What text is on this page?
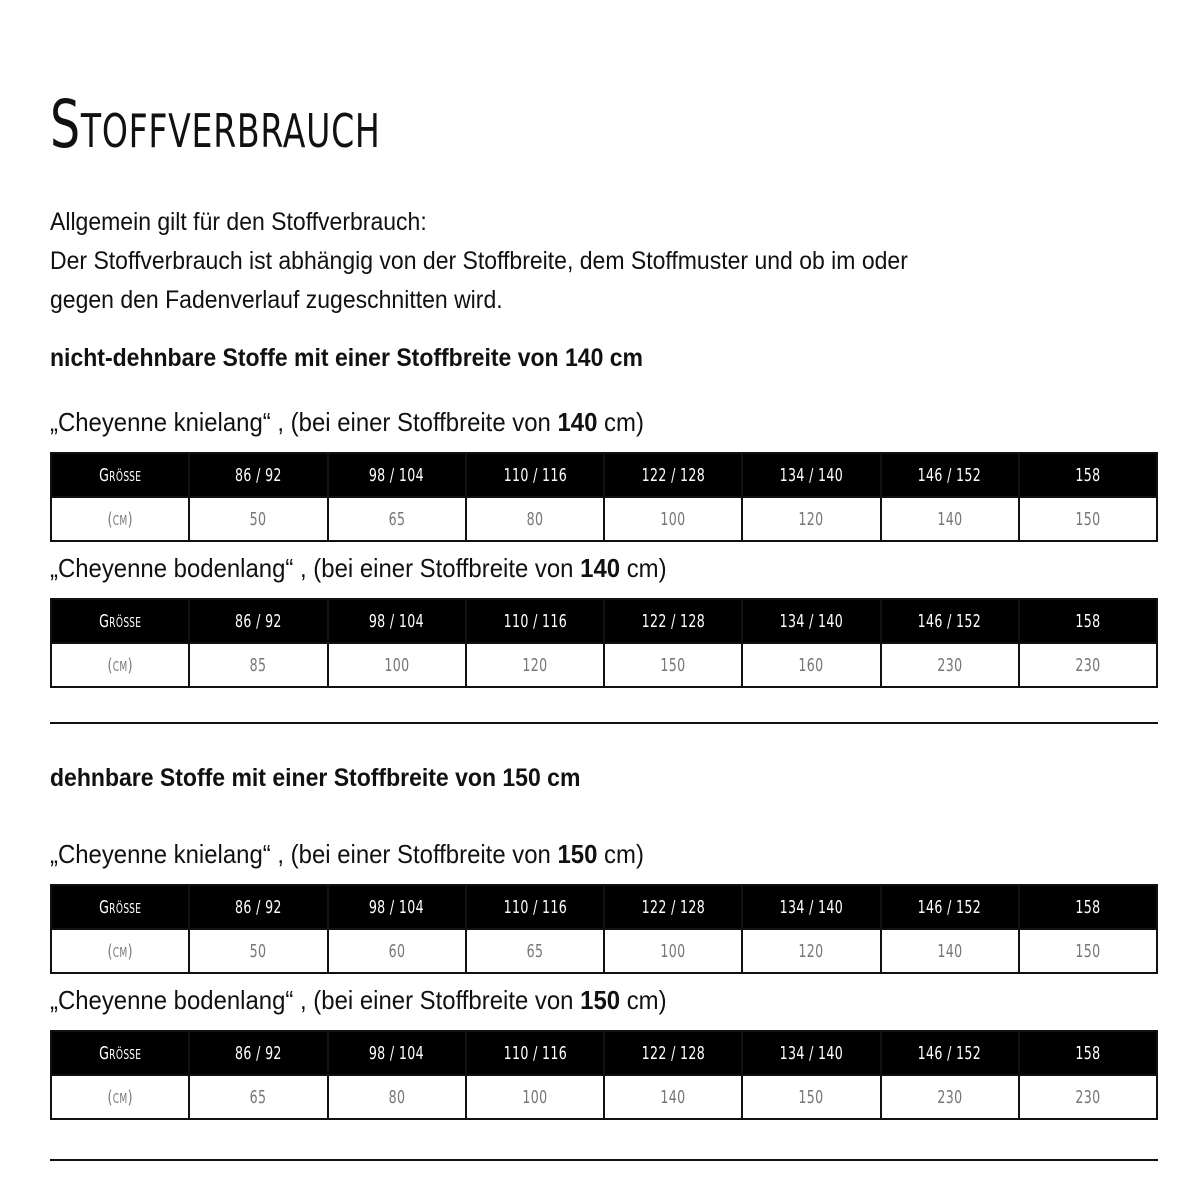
Stoffverbrauch
Allgemein gilt für den Stoffverbrauch:
Der Stoffverbrauch ist abhängig von der Stoffbreite, dem Stoffmuster und ob im oder
gegen den Fadenverlauf zugeschnitten wird.
nicht-dehnbare Stoffe mit einer Stoffbreite von 140 cm
„Cheyenne knielang“ , (bei einer Stoffbreite von 140 cm)
Größe	86 / 92	98 / 104	110 / 116	122 / 128	134 / 140	146 / 152	158
(cm)	50	65	80	100	120	140	150
„Cheyenne bodenlang“ , (bei einer Stoffbreite von 140 cm)
Größe	86 / 92	98 / 104	110 / 116	122 / 128	134 / 140	146 / 152	158
(cm)	85	100	120	150	160	230	230
dehnbare Stoffe mit einer Stoffbreite von 150 cm
„Cheyenne knielang“ , (bei einer Stoffbreite von 150 cm)
Größe	86 / 92	98 / 104	110 / 116	122 / 128	134 / 140	146 / 152	158
(cm)	50	60	65	100	120	140	150
„Cheyenne bodenlang“ , (bei einer Stoffbreite von 150 cm)
Größe	86 / 92	98 / 104	110 / 116	122 / 128	134 / 140	146 / 152	158
(cm)	65	80	100	140	150	230	230
